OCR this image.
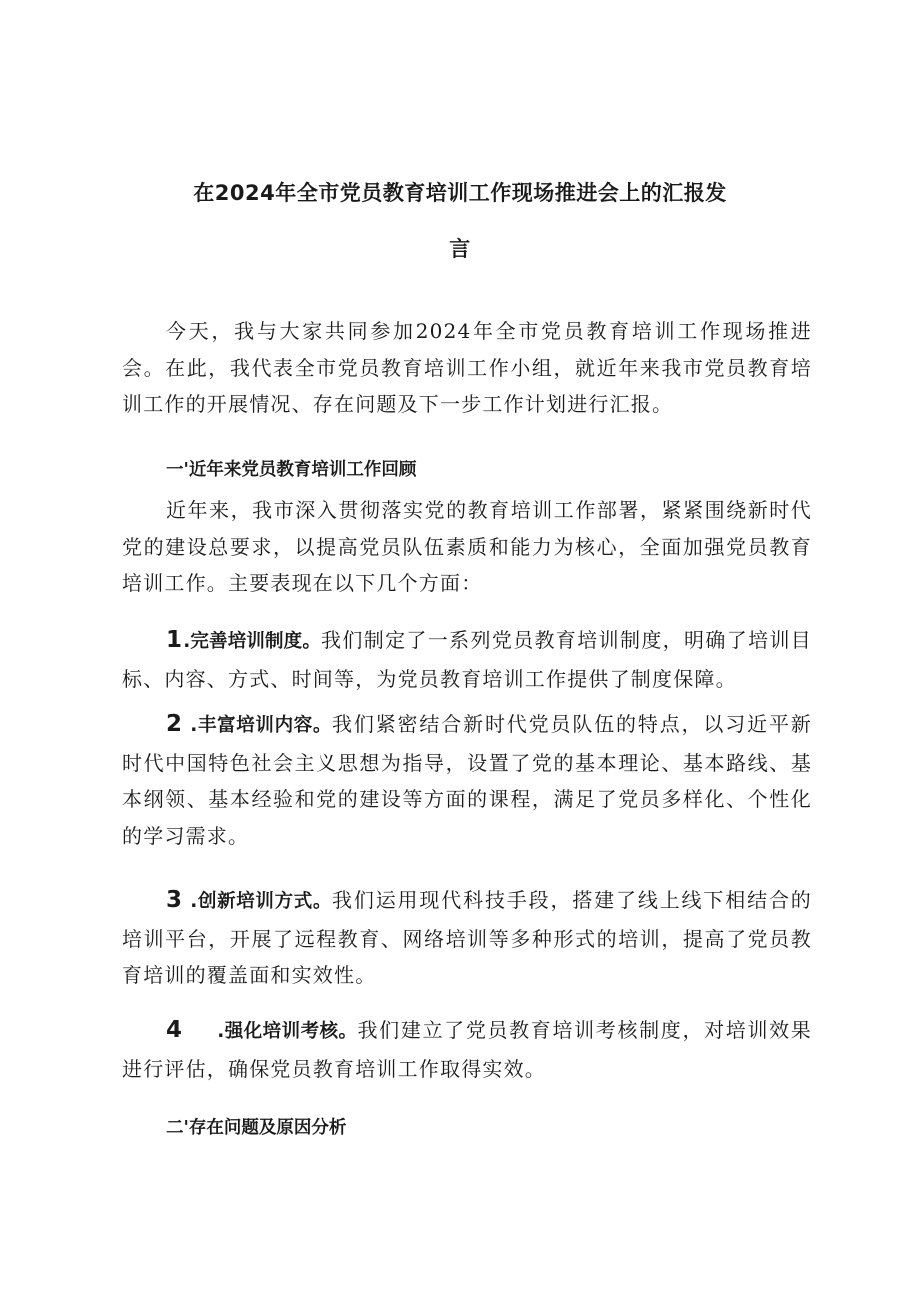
在2024年全市党员教育培训工作现场推进会上的汇报发
言

今天，我与大家共同参加2024年全市党员教育培训工作现场推进会。在此，我代表全市党员教育培训工作小组，就近年来我市党员教育培训工作的开展情况、存在问题及下一步工作计划进行汇报。

一'近年来党员教育培训工作回顾

近年来，我市深入贯彻落实党的教育培训工作部署，紧紧围绕新时代党的建设总要求，以提高党员队伍素质和能力为核心，全面加强党员教育培训工作。主要表现在以下几个方面：

1.完善培训制度。我们制定了一系列党员教育培训制度，明确了培训目标、内容、方式、时间等，为党员教育培训工作提供了制度保障。

2 .丰富培训内容。我们紧密结合新时代党员队伍的特点，以习近平新时代中国特色社会主义思想为指导，设置了党的基本理论、基本路线、基本纲领、基本经验和党的建设等方面的课程，满足了党员多样化、个性化的学习需求。

3 .创新培训方式。我们运用现代科技手段，搭建了线上线下相结合的培训平台，开展了远程教育、网络培训等多种形式的培训，提高了党员教育培训的覆盖面和实效性。

4 .强化培训考核。我们建立了党员教育培训考核制度，对培训效果进行评估，确保党员教育培训工作取得实效。

二'存在问题及原因分析
